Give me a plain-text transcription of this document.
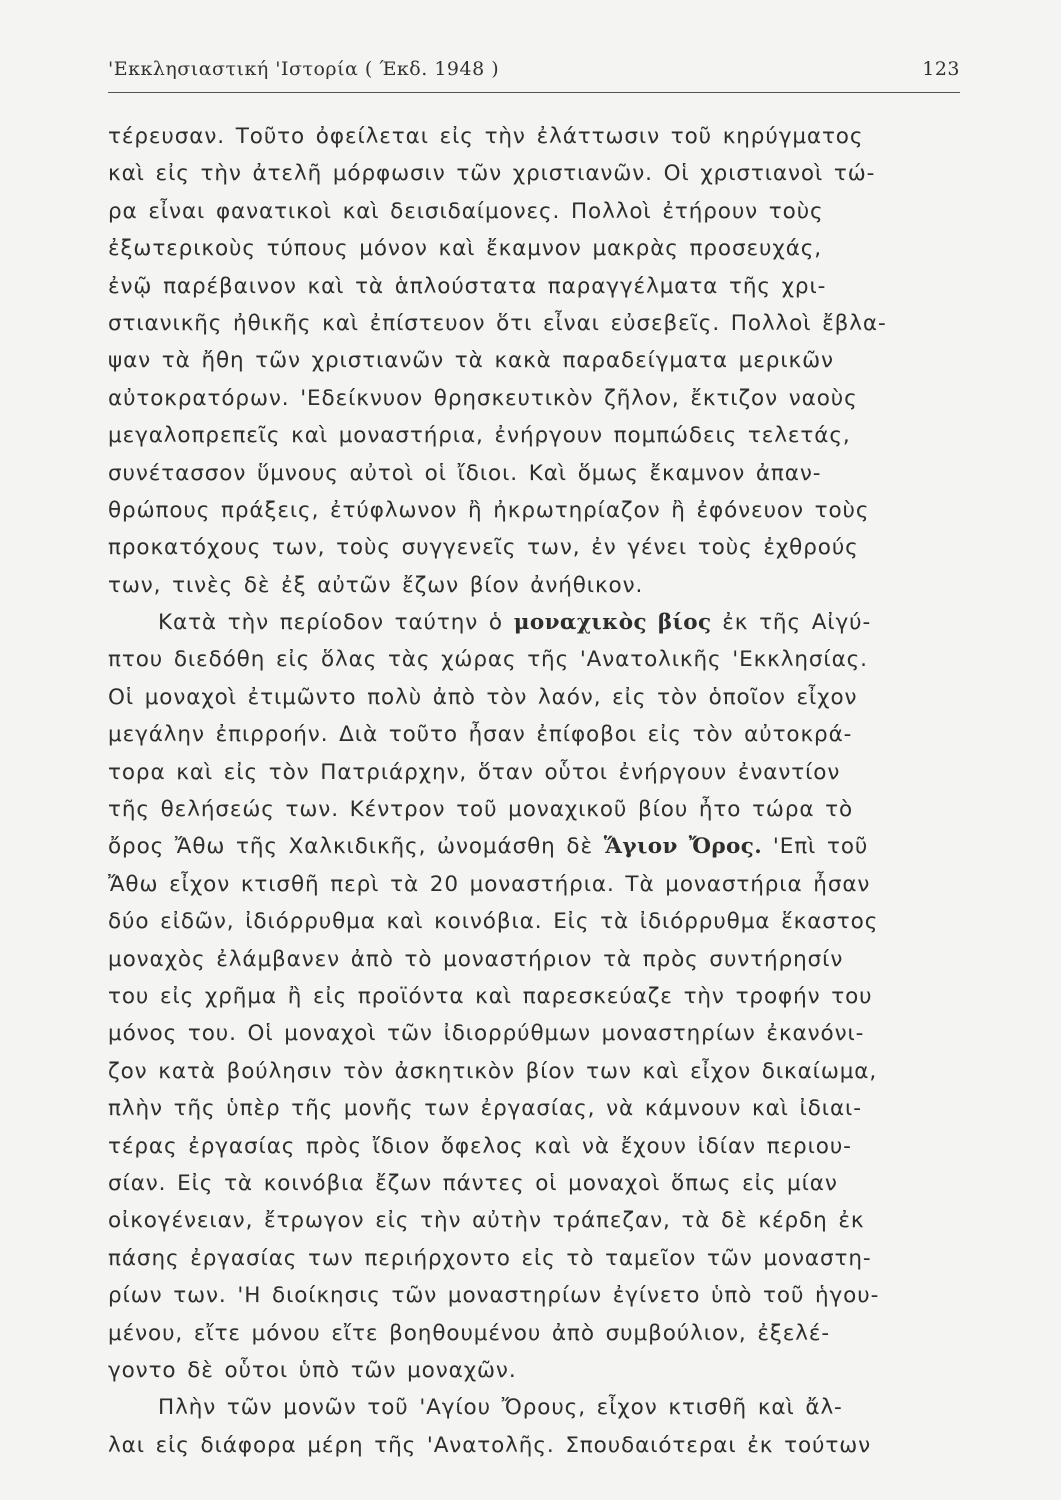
'Εκκλησιαστική 'Ιστορία ( Έκδ. 1948 )	123
τέρευσαν. Τοῦτο ὀφείλεται εἰς τὴν ἐλάττωσιν τοῦ κηρύγματος
καὶ εἰς τὴν ἀτελῆ μόρφωσιν τῶν χριστιανῶν. Οἱ χριστιανοὶ τώ-
ρα εἶναι φανατικοὶ καὶ δεισιδαίμονες. Πολλοὶ ἐτήρουν τοὺς
ἐξωτερικοὺς τύπους μόνον καὶ ἔκαμνον μακρὰς προσευχάς,
ἐνῷ παρέβαινον καὶ τὰ ἁπλούστατα παραγγέλματα τῆς χρι-
στιανικῆς ἠθικῆς καὶ ἐπίστευον ὅτι εἶναι εὐσεβεῖς. Πολλοὶ ἔβλα-
ψαν τὰ ἤθη τῶν χριστιανῶν τὰ κακὰ παραδείγματα μερικῶν
αὐτοκρατόρων. 'Εδείκνυον θρησκευτικὸν ζῆλον, ἔκτιζον ναοὺς
μεγαλοπρεπεῖς καὶ μοναστήρια, ἐνήργουν πομπώδεις τελετάς,
συνέτασσον ὕμνους αὐτοὶ οἱ ἴδιοι. Καὶ ὅμως ἔκαμνον ἀπαν-
θρώπους πράξεις, ἐτύφλωνον ἢ ἠκρωτηρίαζον ἢ ἐφόνευον τοὺς
προκατόχους των, τοὺς συγγενεῖς των, ἐν γένει τοὺς ἐχθρούς
των, τινὲς δὲ ἐξ αὐτῶν ἔζων βίον ἀνήθικον.
Κατὰ τὴν περίοδον ταύτην ὁ μοναχικὸς βίος ἐκ τῆς Αἰγύ-
πτου διεδόθη εἰς ὅλας τὰς χώρας τῆς 'Ανατολικῆς 'Εκκλησίας.
Οἱ μοναχοὶ ἐτιμῶντο πολὺ ἀπὸ τὸν λαόν, εἰς τὸν ὁποῖον εἶχον
μεγάλην ἐπιρροήν. Διὰ τοῦτο ἦσαν ἐπίφοβοι εἰς τὸν αὐτοκρά-
τορα καὶ εἰς τὸν Πατριάρχην, ὅταν οὗτοι ἐνήργουν ἐναντίον
τῆς θελήσεώς των. Κέντρον τοῦ μοναχικοῦ βίου ἦτο τώρα τὸ
ὄρος Ἄθω τῆς Χαλκιδικῆς, ὠνομάσθη δὲ Ἅγιον Ὄρος. 'Επὶ τοῦ
Ἄθω εἶχον κτισθῆ περὶ τὰ 20 μοναστήρια. Τὰ μοναστήρια ἦσαν
δύο εἰδῶν, ἰδιόρρυθμα καὶ κοινόβια. Εἰς τὰ ἰδιόρρυθμα ἕκαστος
μοναχὸς ἐλάμβανεν ἀπὸ τὸ μοναστήριον τὰ πρὸς συντήρησίν
του εἰς χρῆμα ἢ εἰς προϊόντα καὶ παρεσκεύαζε τὴν τροφήν του
μόνος του. Οἱ μοναχοὶ τῶν ἰδιορρύθμων μοναστηρίων ἐκανόνι-
ζον κατὰ βούλησιν τὸν ἀσκητικὸν βίον των καὶ εἶχον δικαίωμα,
πλὴν τῆς ὑπὲρ τῆς μονῆς των ἐργασίας, νὰ κάμνουν καὶ ἰδιαι-
τέρας ἐργασίας πρὸς ἴδιον ὄφελος καὶ νὰ ἔχουν ἰδίαν περιου-
σίαν. Εἰς τὰ κοινόβια ἔζων πάντες οἱ μοναχοὶ ὅπως εἰς μίαν
οἰκογένειαν, ἔτρωγον εἰς τὴν αὐτὴν τράπεζαν, τὰ δὲ κέρδη ἐκ
πάσης ἐργασίας των περιήρχοντο εἰς τὸ ταμεῖον τῶν μοναστη-
ρίων των. 'Η διοίκησις τῶν μοναστηρίων ἐγίνετο ὑπὸ τοῦ ἡγου-
μένου, εἴτε μόνου εἴτε βοηθουμένου ἀπὸ συμβούλιον, ἐξελέ-
γοντο δὲ οὗτοι ὑπὸ τῶν μοναχῶν.
Πλὴν τῶν μονῶν τοῦ 'Αγίου Ὄρους, εἶχον κτισθῆ καὶ ἄλ-
λαι εἰς διάφορα μέρη τῆς 'Ανατολῆς. Σπουδαιότεραι ἐκ τούτων
